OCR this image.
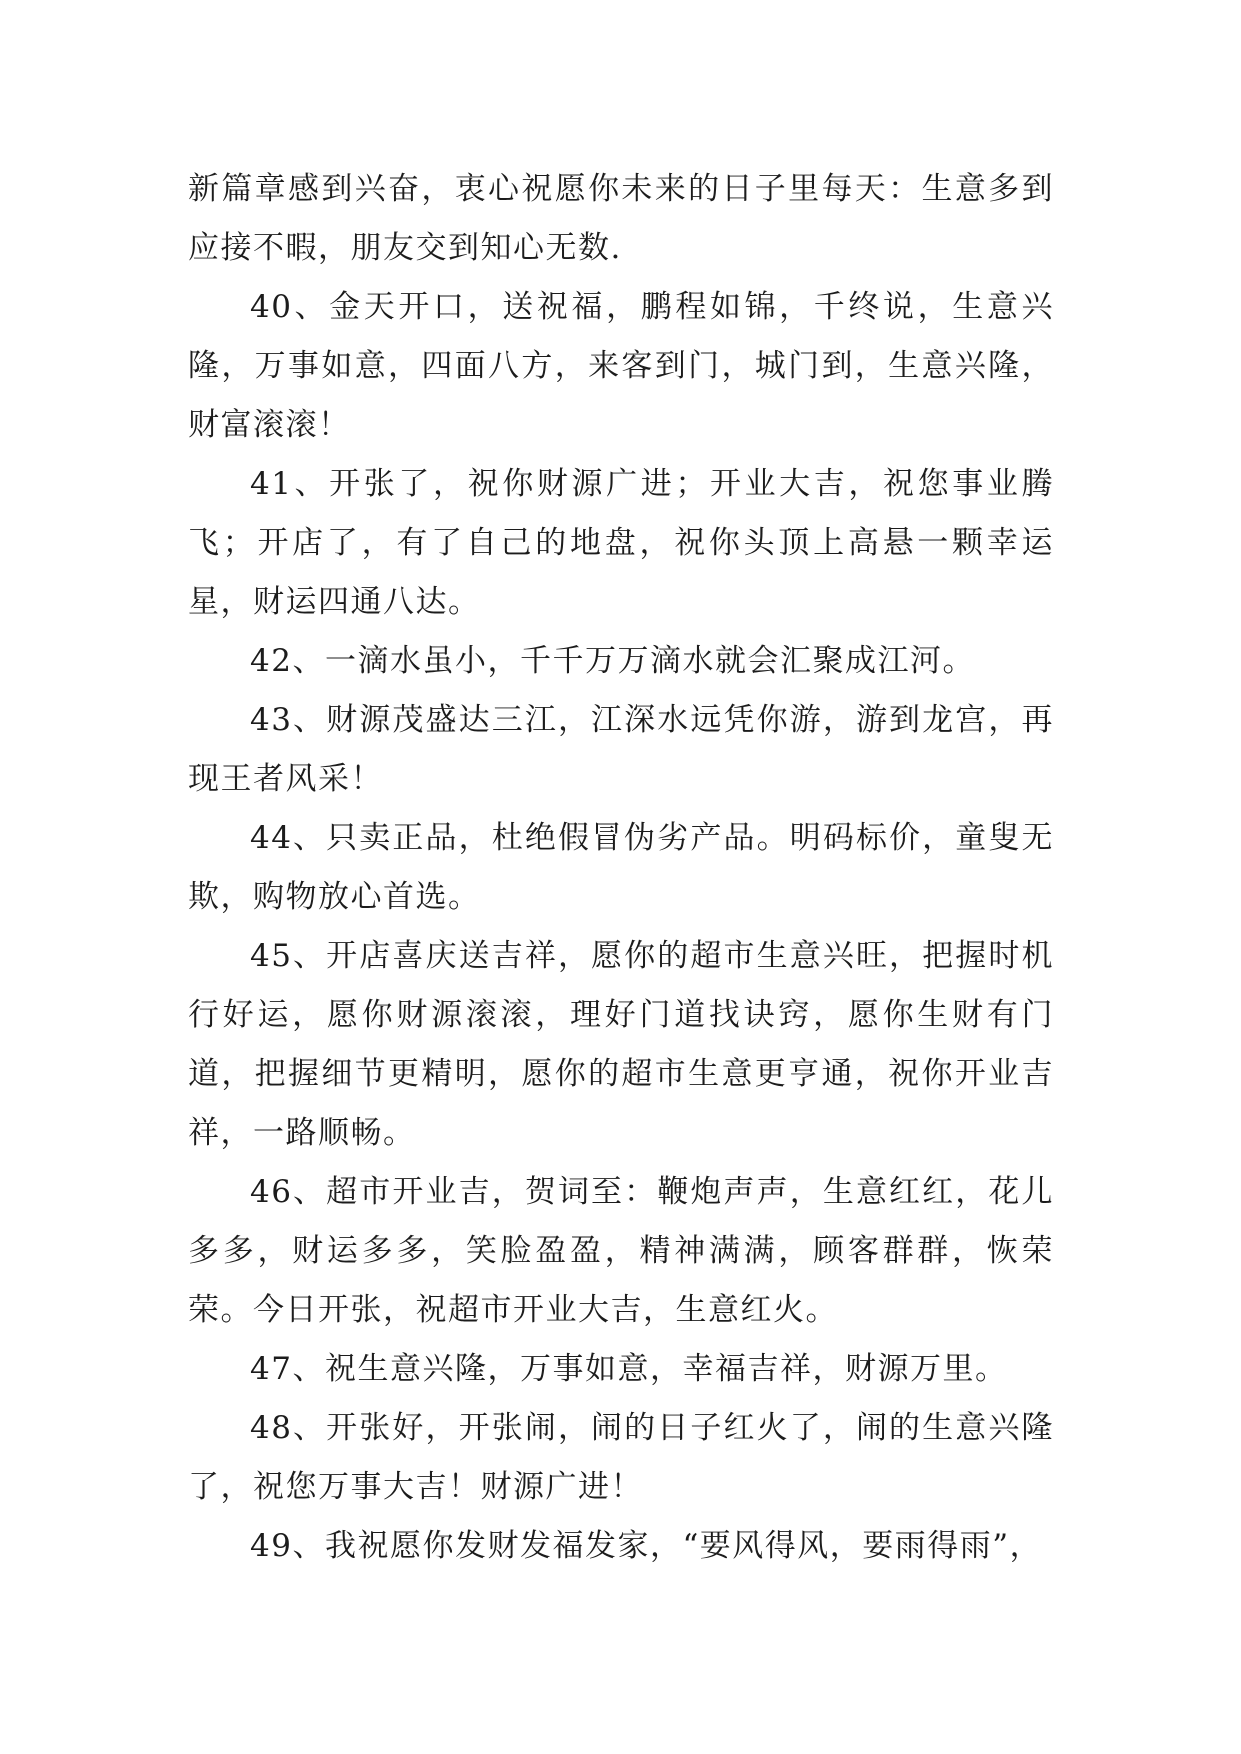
新篇章感到兴奋，衷心祝愿你未来的日子里每天：生意多到应接不暇，朋友交到知心无数.

40、金天开口，送祝福，鹏程如锦，千终说，生意兴隆，万事如意，四面八方，来客到门，城门到，生意兴隆，财富滚滚！

41、开张了，祝你财源广进；开业大吉，祝您事业腾飞；开店了，有了自己的地盘，祝你头顶上高悬一颗幸运星，财运四通八达。

42、一滴水虽小，千千万万滴水就会汇聚成江河。

43、财源茂盛达三江，江深水远凭你游，游到龙宫，再现王者风采！

44、只卖正品，杜绝假冒伪劣产品。明码标价，童叟无欺，购物放心首选。

45、开店喜庆送吉祥，愿你的超市生意兴旺，把握时机行好运，愿你财源滚滚，理好门道找诀窍，愿你生财有门道，把握细节更精明，愿你的超市生意更亨通，祝你开业吉祥，一路顺畅。

46、超市开业吉，贺词至：鞭炮声声，生意红红，花儿多多，财运多多，笑脸盈盈，精神满满，顾客群群，恢荣荣。今日开张，祝超市开业大吉，生意红火。

47、祝生意兴隆，万事如意，幸福吉祥，财源万里。

48、开张好，开张闹，闹的日子红火了，闹的生意兴隆了，祝您万事大吉！财源广进！

49、我祝愿你发财发福发家，“要风得风，要雨得雨”，
